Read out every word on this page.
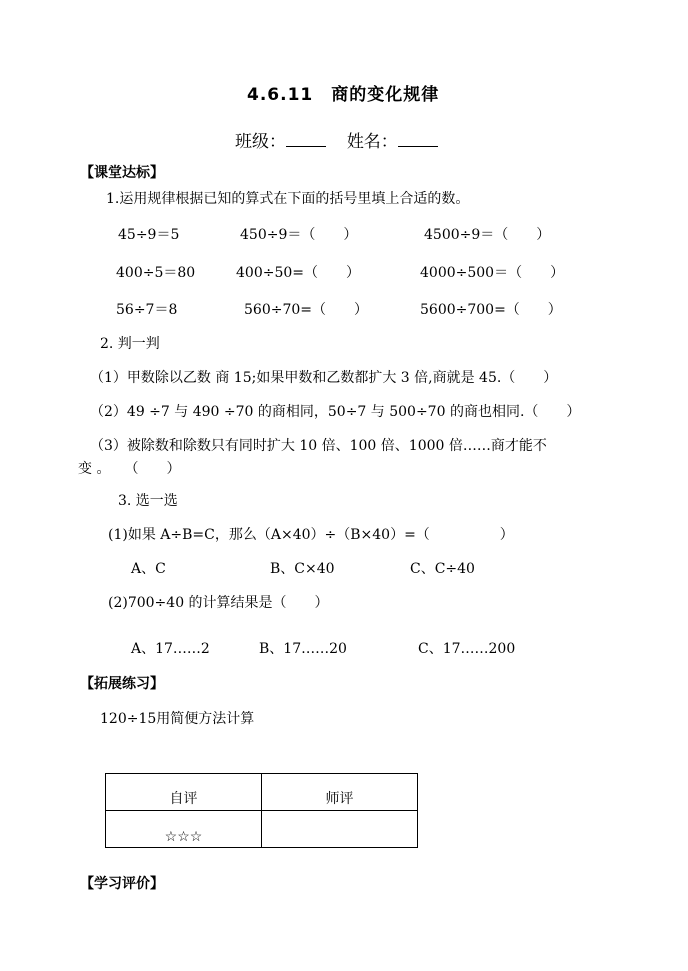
4.6.11　商的变化规律
班级：	姓名：
【课堂达标】
1.运用规律根据已知的算式在下面的括号里填上合适的数。
45÷9＝5	450÷9＝（　　）	4500÷9＝（　　）
400÷5＝80	400÷50=（　　）	4000÷500＝（　　）
56÷7＝8	560÷70=（　　）	5600÷700=（　　）
2. 判一判
（1）甲数除以乙数 商 15;如果甲数和乙数都扩大 3 倍,商就是 45.（　　）
（2）49 ÷7 与 490 ÷70 的商相同，50÷7 与 500÷70 的商也相同.（　　）
（3）被除数和除数只有同时扩大 10 倍、100 倍、1000 倍……商才能不
变 。　　（　　）
3. 选一选
(1)如果 A÷B=C，那么（A×40）÷（B×40）=（　　　　　）
A、C	B、C×40	C、C÷40
(2)700÷40 的计算结果是（　　）
A、17……2	B、17……20	C、17……200
【拓展练习】
120÷15用简便方法计算
自评	师评
☆☆☆	
【学习评价】
